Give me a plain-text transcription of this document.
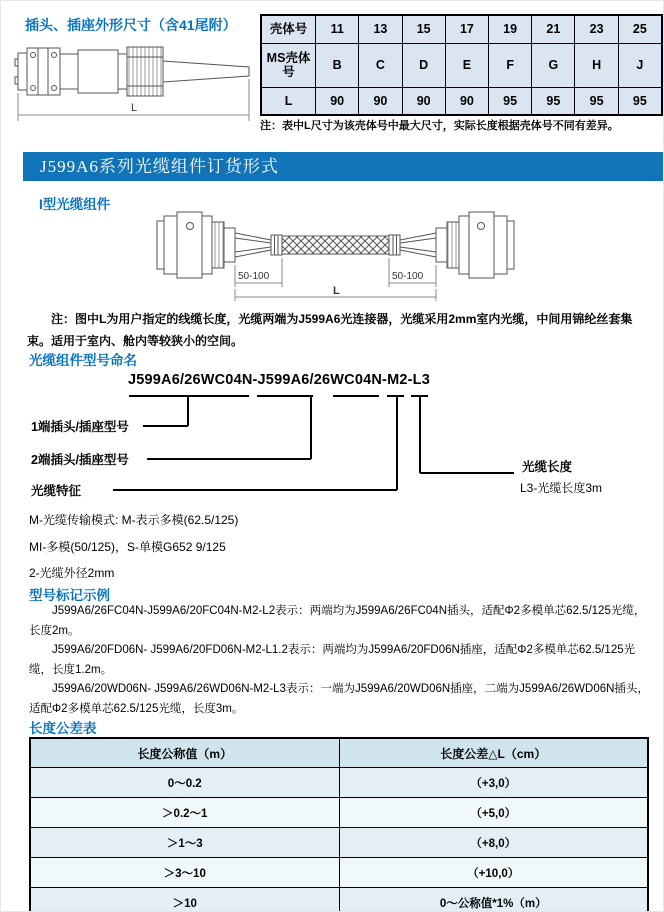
插头、插座外形尺寸（含41尾附）
L
壳体号	11	13	15	17	19	21	23	25
MS壳体号	B	C	D	E	F	G	H	J
L	90	90	90	90	95	95	95	95
注：表中L尺寸为该壳体号中最大尺寸，实际长度根据壳体号不同有差异。
J599A6系列光缆组件订货形式
I型光缆组件
50-100	50-100
L
注：图中L为用户指定的线缆长度，光缆两端为J599A6光连接器，光缆采用2mm室内光缆，中间用锦纶丝套集束。适用于室内、舱内等较狭小的空间。
光缆组件型号命名
J599A6/26WC04N-J599A6/26WC04N-M2-L3
1端插头/插座型号
2端插头/插座型号
光缆特征
光缆长度
L3-光缆长度3m
M-光缆传输模式: M-表示多模(62.5/125)
MI-多模(50/125)，S-单模G652 9/125
2-光缆外径2mm
型号标记示例

J599A6/26FC04N-J599A6/20FC04N-M2-L2表示：两端均为J599A6/26FC04N插头，适配Φ2多模单芯62.5/125光缆，长度2m。

J599A6/20FD06N- J599A6/20FD06N-M2-L1.2表示：两端均为J599A6/20FD06N插座，适配Φ2多模单芯62.5/125光缆，长度1.2m。

J599A6/20WD06N- J599A6/26WD06N-M2-L3表示：一端为J599A6/20WD06N插座，二端为J599A6/26WD06N插头，适配Φ2多模单芯62.5/125光缆，长度3m。

长度公差表
长度公称值（m）	长度公差△L（cm）
0～0.2	（+3,0）
＞0.2～1	（+5,0）
＞1～3	（+8,0）
＞3～10	（+10,0）
＞10	0～公称值*1%（m）
